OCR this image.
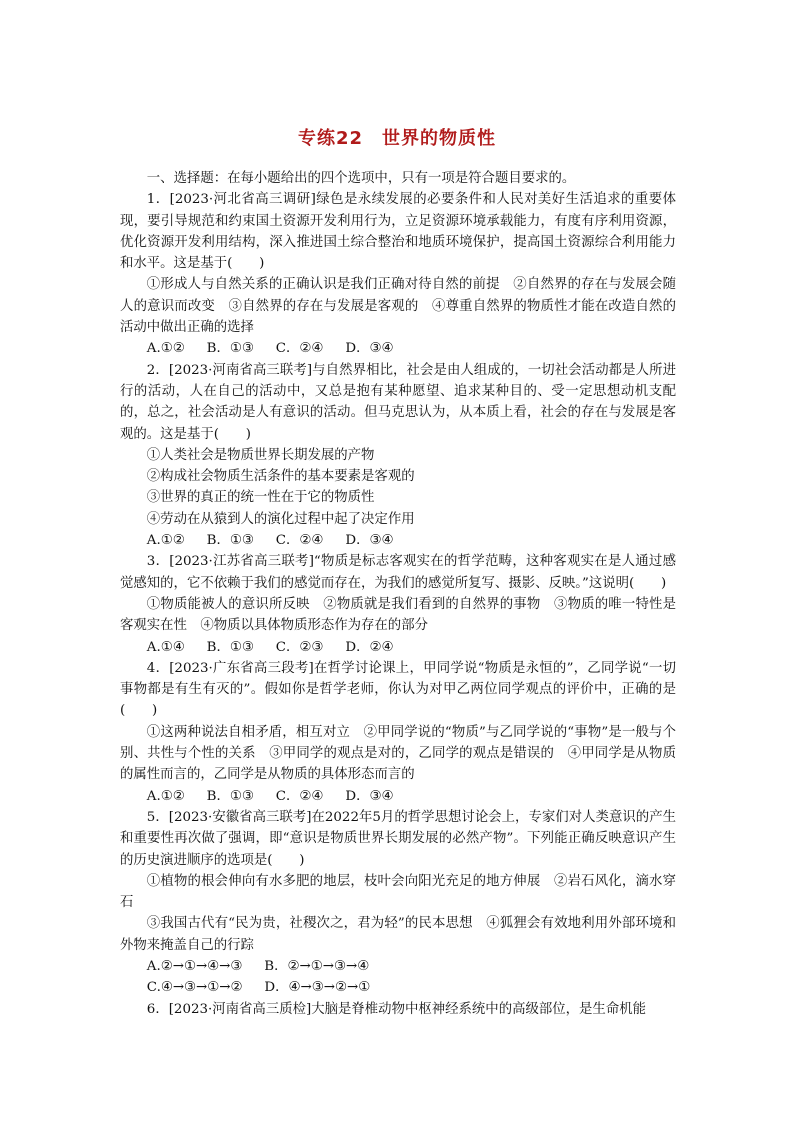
专练22　世界的物质性

一、选择题：在每小题给出的四个选项中，只有一项是符合题目要求的。

1．[2023·河北省高三调研]绿色是永续发展的必要条件和人民对美好生活追求的重要体现，要引导规范和约束国土资源开发利用行为，立足资源环境承载能力，有度有序利用资源，优化资源开发利用结构，深入推进国土综合整治和地质环境保护，提高国土资源综合利用能力和水平。这是基于(　　)

①形成人与自然关系的正确认识是我们正确对待自然的前提　②自然界的存在与发展会随人的意识而改变　③自然界的存在与发展是客观的　④尊重自然界的物质性才能在改造自然的活动中做出正确的选择

A.①②　  B．①③　  C．②④　  D．③④

2．[2023·河南省高三联考]与自然界相比，社会是由人组成的，一切社会活动都是人所进行的活动，人在自己的活动中，又总是抱有某种愿望、追求某种目的、受一定思想动机支配的，总之，社会活动是人有意识的活动。但马克思认为，从本质上看，社会的存在与发展是客观的。这是基于(　　)

①人类社会是物质世界长期发展的产物

②构成社会物质生活条件的基本要素是客观的

③世界的真正的统一性在于它的物质性

④劳动在从猿到人的演化过程中起了决定作用

A.①②　  B．①③　  C．②④　  D．③④

3．[2023·江苏省高三联考]“物质是标志客观实在的哲学范畴，这种客观实在是人通过感觉感知的，它不依赖于我们的感觉而存在，为我们的感觉所复写、摄影、反映。”这说明(　　)

①物质能被人的意识所反映　②物质就是我们看到的自然界的事物　③物质的唯一特性是客观实在性　④物质以具体物质形态作为存在的部分

A.①④　  B．①③　  C．②③　  D．②④

4．[2023·广东省高三段考]在哲学讨论课上，甲同学说“物质是永恒的”，乙同学说“一切事物都是有生有灭的”。假如你是哲学老师，你认为对甲乙两位同学观点的评价中，正确的是(　　)

①这两种说法自相矛盾，相互对立　②甲同学说的“物质”与乙同学说的“事物”是一般与个别、共性与个性的关系　③甲同学的观点是对的，乙同学的观点是错误的　④甲同学是从物质的属性而言的，乙同学是从物质的具体形态而言的

A.①②　  B．①③　  C．②④　  D．③④

5．[2023·安徽省高三联考]在2022年5月的哲学思想讨论会上，专家们对人类意识的产生和重要性再次做了强调，即“意识是物质世界长期发展的必然产物”。下列能正确反映意识产生的历史演进顺序的选项是(　　)

①植物的根会伸向有水多肥的地层，枝叶会向阳光充足的地方伸展　②岩石风化，滴水穿石

③我国古代有“民为贵，社稷次之，君为轻”的民本思想　④狐狸会有效地利用外部环境和外物来掩盖自己的行踪

A.②→①→④→③　  B．②→①→③→④

C.④→③→①→②　  D．④→③→②→①

6．[2023·河南省高三质检]大脑是脊椎动物中枢神经系统中的高级部位，是生命机能
